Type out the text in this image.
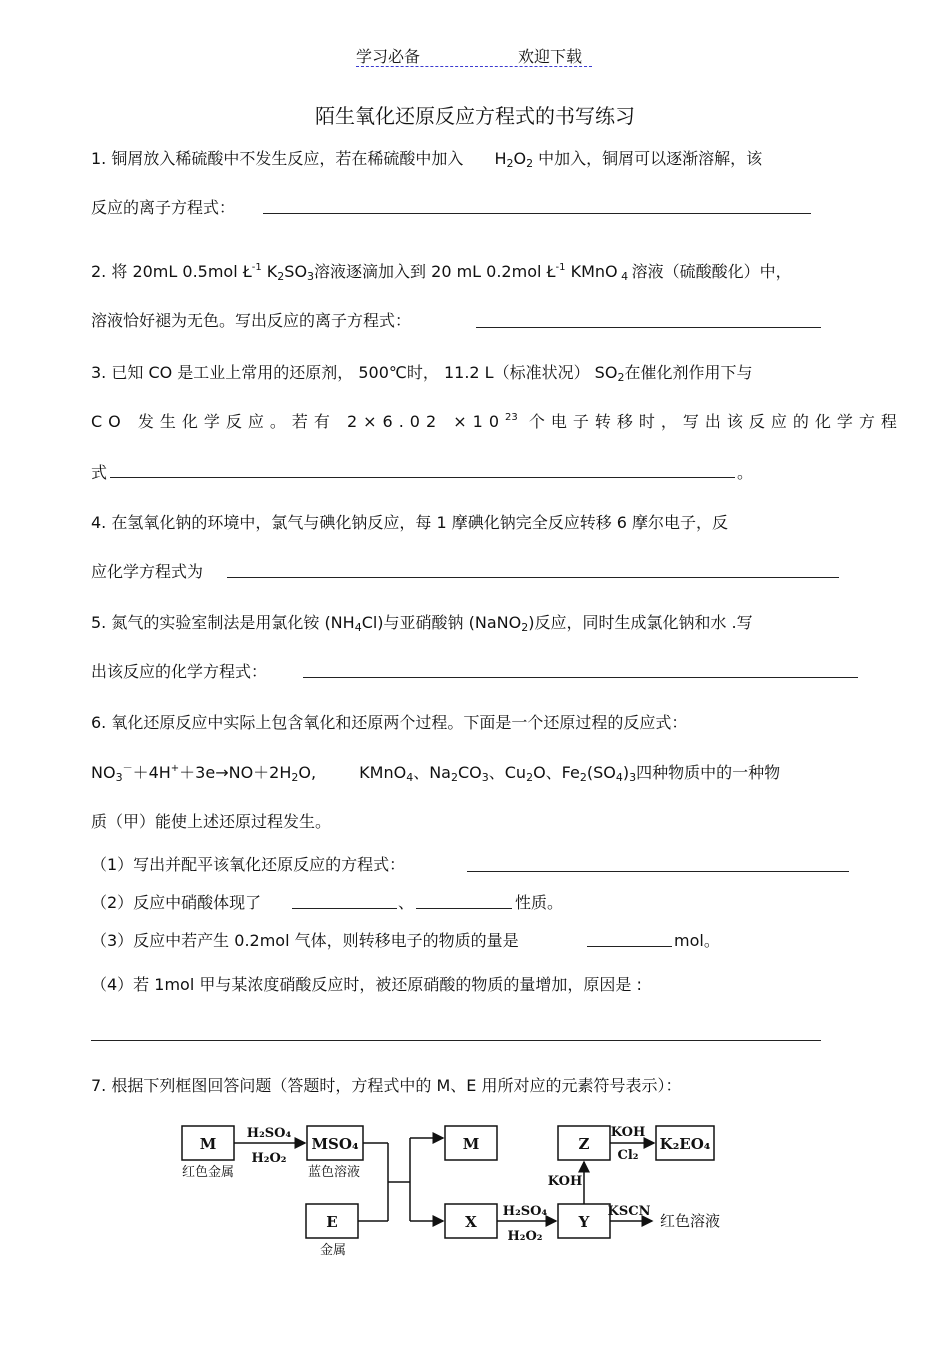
学习必备	欢迎下载
陌生氧化还原反应方程式的书写练习
1. 铜屑放入稀硫酸中不发生反应，若在稀硫酸中加入 H2O2 中加入，铜屑可以逐渐溶解，该
反应的离子方程式：
2. 将 20mL 0.5mol $Ł^{-1}$ K2SO3溶液逐滴加入到 20 mL 0.2mol $Ł^{-1}$ KMnO 4 溶液（硫酸酸化）中，
溶液恰好褪为无色。写出反应的离子方程式：
3. 已知 CO 是工业上常用的还原剂， 500℃时， 11.2 L（标准状况） SO2在催化剂作用下与
CO 发生化学反应。若有 $2\times 6.02 \times 10^{23}$ 个电子转移时，写出该反应的化学方程
式	。
4. 在氢氧化钠的环境中，氯气与碘化钠反应，每 1 摩碘化钠完全反应转移 6 摩尔电子，反
应化学方程式为
5. 氮气的实验室制法是用氯化铵 (NH4Cl)与亚硝酸钠 (NaNO2)反应，同时生成氯化钠和水 .写
出该反应的化学方程式：
6. 氧化还原反应中实际上包含氧化和还原两个过程。下面是一个还原过程的反应式：
NO3－＋4H+＋3e→NO＋2H2O,	KMnO4、Na2CO3、Cu2O、Fe2(SO4)3四种物质中的一种物
质（甲）能使上述还原过程发生。
（1）写出并配平该氧化还原反应的方程式：
（2）反应中硝酸体现了	、	性质。
（3）反应中若产生 0.2mol 气体，则转移电子的物质的量是	mol。
（4）若 1mol 甲与某浓度硝酸反应时，被还原硝酸的物质的量增加，原因是 :
7. 根据下列框图回答问题（答题时，方程式中的 M、E 用所对应的元素符号表示）：
M	MSO₄	M
E	X	Y
Z	K₂EO₄
H₂SO₄
H₂O₂
H₂SO₄
H₂O₂
KSCN
KOH
KOH
Cl₂
红色金属	蓝色溶液
金属
红色溶液
